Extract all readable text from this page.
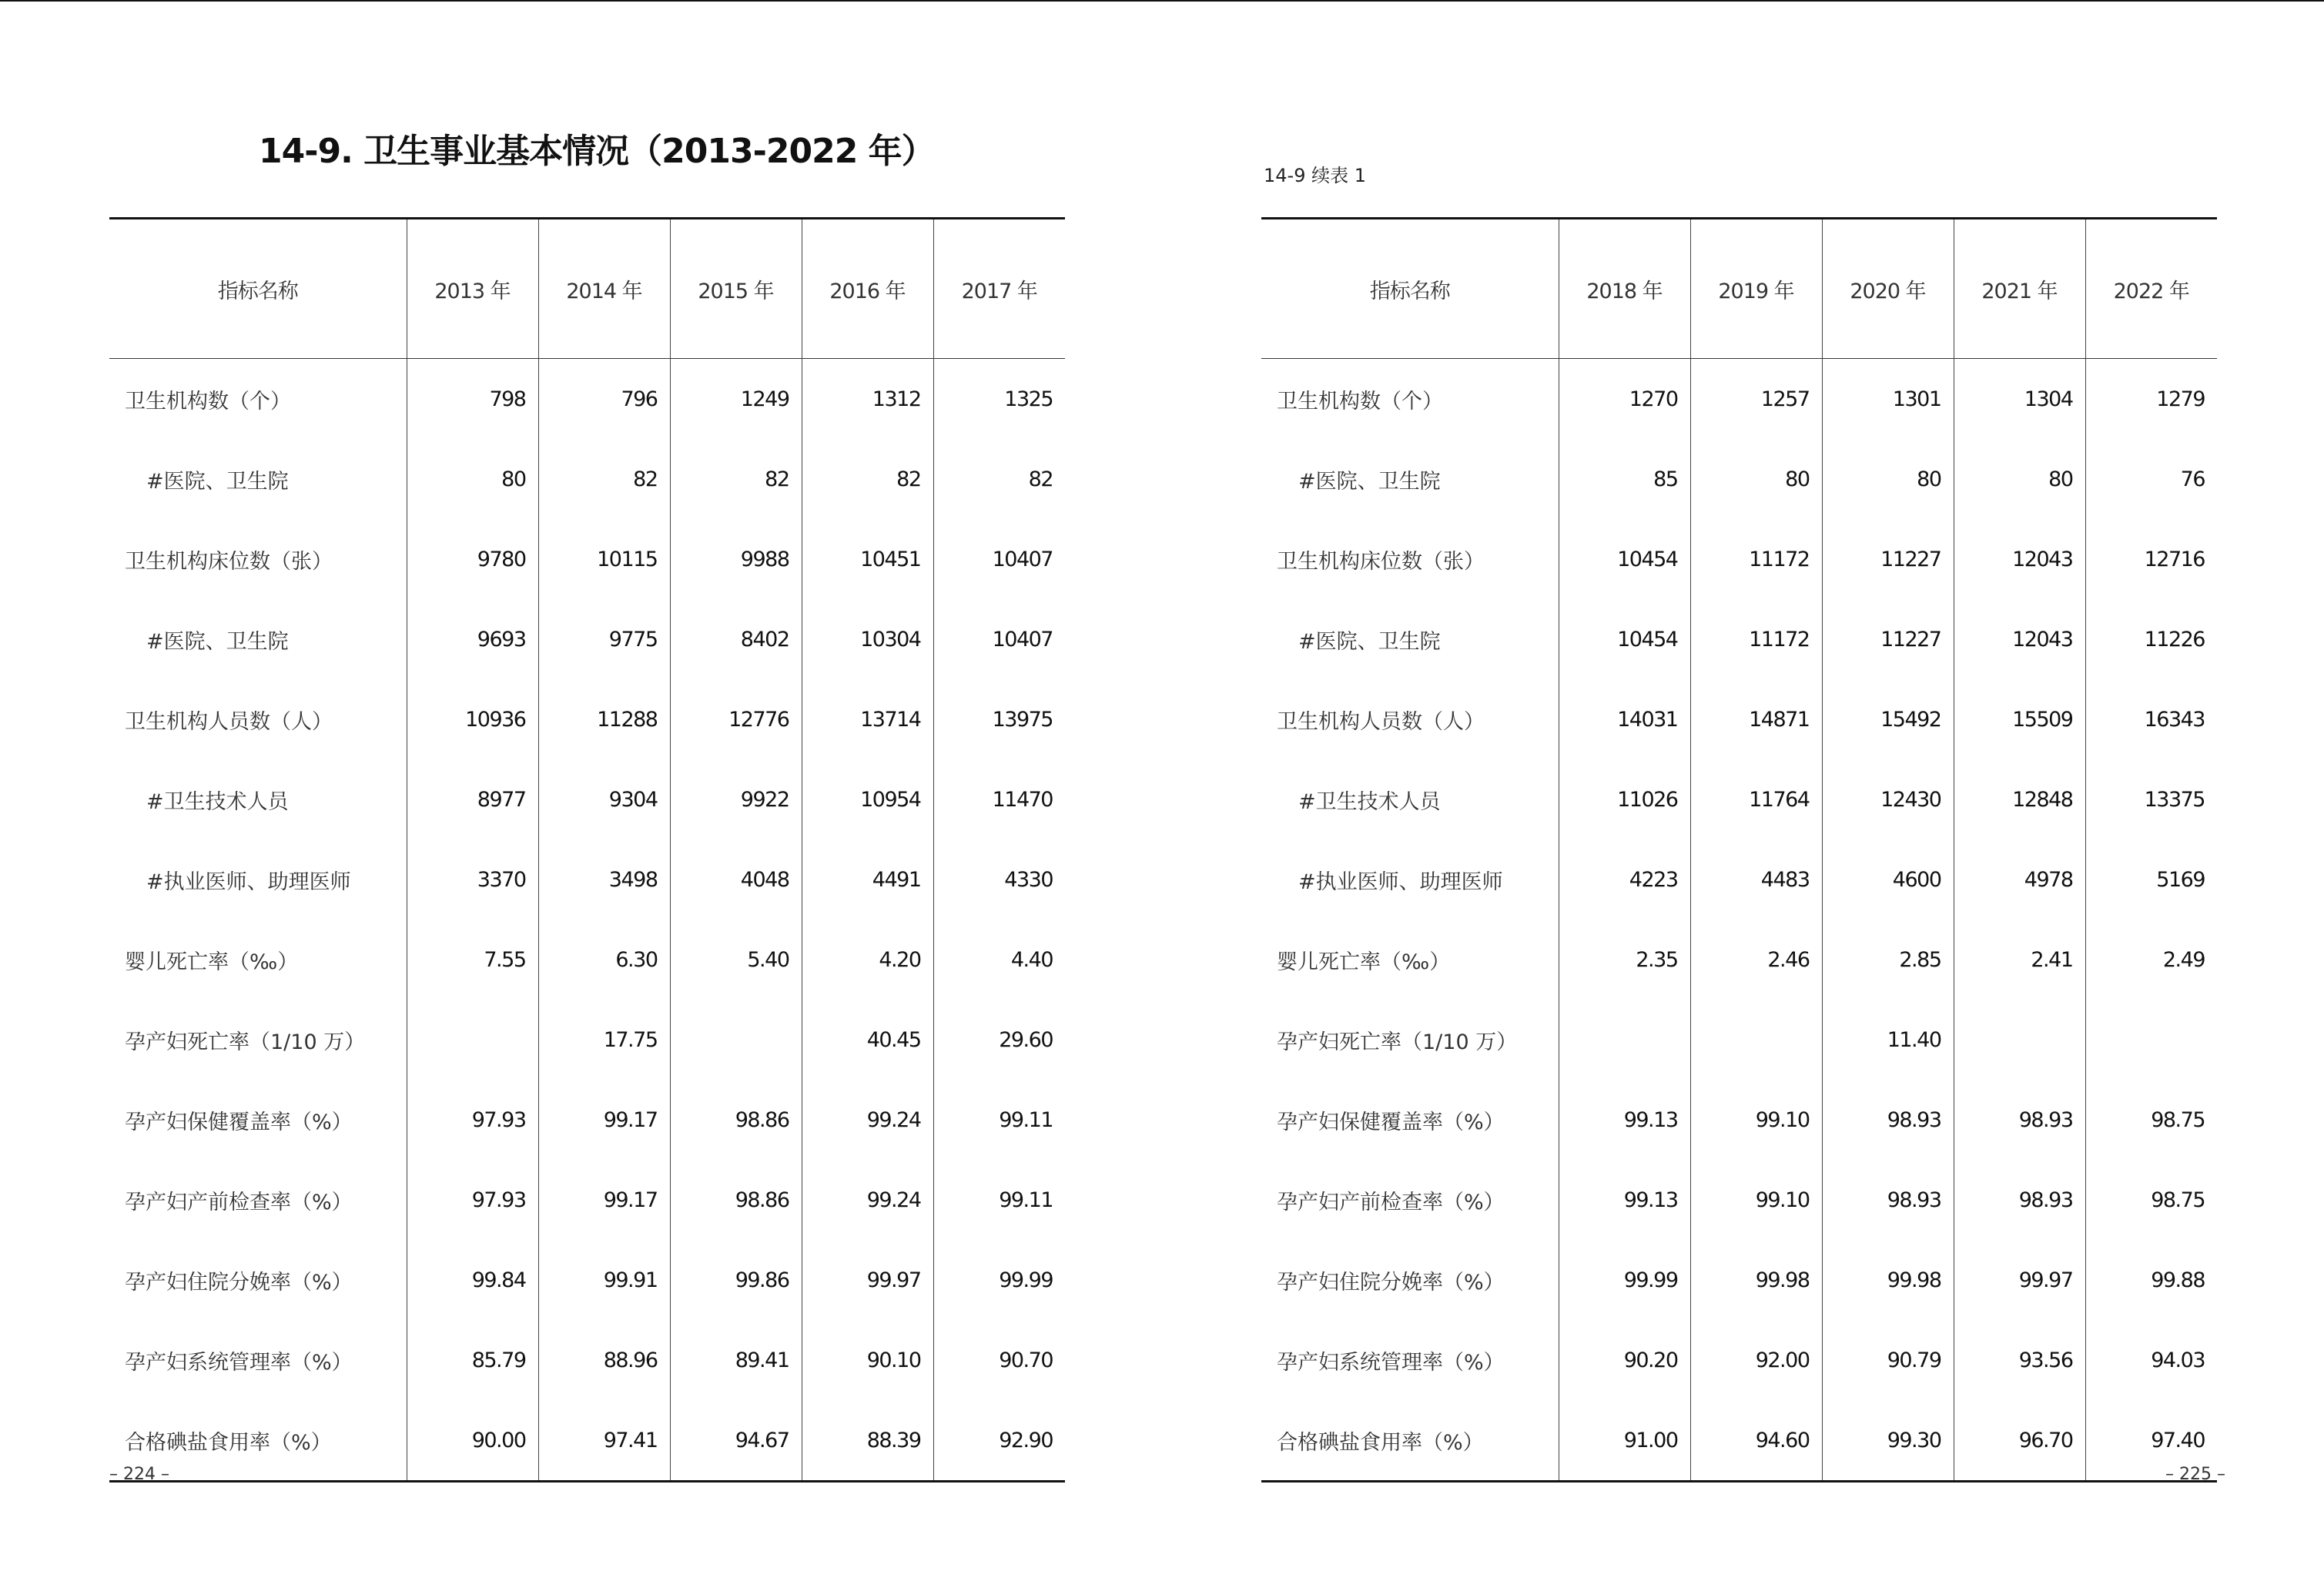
14-9. 卫生事业基本情况（2013-2022 年）
14-9 续表 1
指标名称	2013 年	2014 年	2015 年	2016 年	2017 年
卫生机构数（个）	798	796	1249	1312	1325
#医院、卫生院	80	82	82	82	82
卫生机构床位数（张）	9780	10115	9988	10451	10407
#医院、卫生院	9693	9775	8402	10304	10407
卫生机构人员数（人）	10936	11288	12776	13714	13975
#卫生技术人员	8977	9304	9922	10954	11470
#执业医师、助理医师	3370	3498	4048	4491	4330
婴儿死亡率（‰）	7.55	6.30	5.40	4.20	4.40
孕产妇死亡率（1/10 万）		17.75		40.45	29.60
孕产妇保健覆盖率（%）	97.93	99.17	98.86	99.24	99.11
孕产妇产前检查率（%）	97.93	99.17	98.86	99.24	99.11
孕产妇住院分娩率（%）	99.84	99.91	99.86	99.97	99.99
孕产妇系统管理率（%）	85.79	88.96	89.41	90.10	90.70
合格碘盐食用率（%）	90.00	97.41	94.67	88.39	92.90
指标名称	2018 年	2019 年	2020 年	2021 年	2022 年
卫生机构数（个）	1270	1257	1301	1304	1279
#医院、卫生院	85	80	80	80	76
卫生机构床位数（张）	10454	11172	11227	12043	12716
#医院、卫生院	10454	11172	11227	12043	11226
卫生机构人员数（人）	14031	14871	15492	15509	16343
#卫生技术人员	11026	11764	12430	12848	13375
#执业医师、助理医师	4223	4483	4600	4978	5169
婴儿死亡率（‰）	2.35	2.46	2.85	2.41	2.49
孕产妇死亡率（1/10 万）			11.40		
孕产妇保健覆盖率（%）	99.13	99.10	98.93	98.93	98.75
孕产妇产前检查率（%）	99.13	99.10	98.93	98.93	98.75
孕产妇住院分娩率（%）	99.99	99.98	99.98	99.97	99.88
孕产妇系统管理率（%）	90.20	92.00	90.79	93.56	94.03
合格碘盐食用率（%）	91.00	94.60	99.30	96.70	97.40
– 224 –	– 225 –
